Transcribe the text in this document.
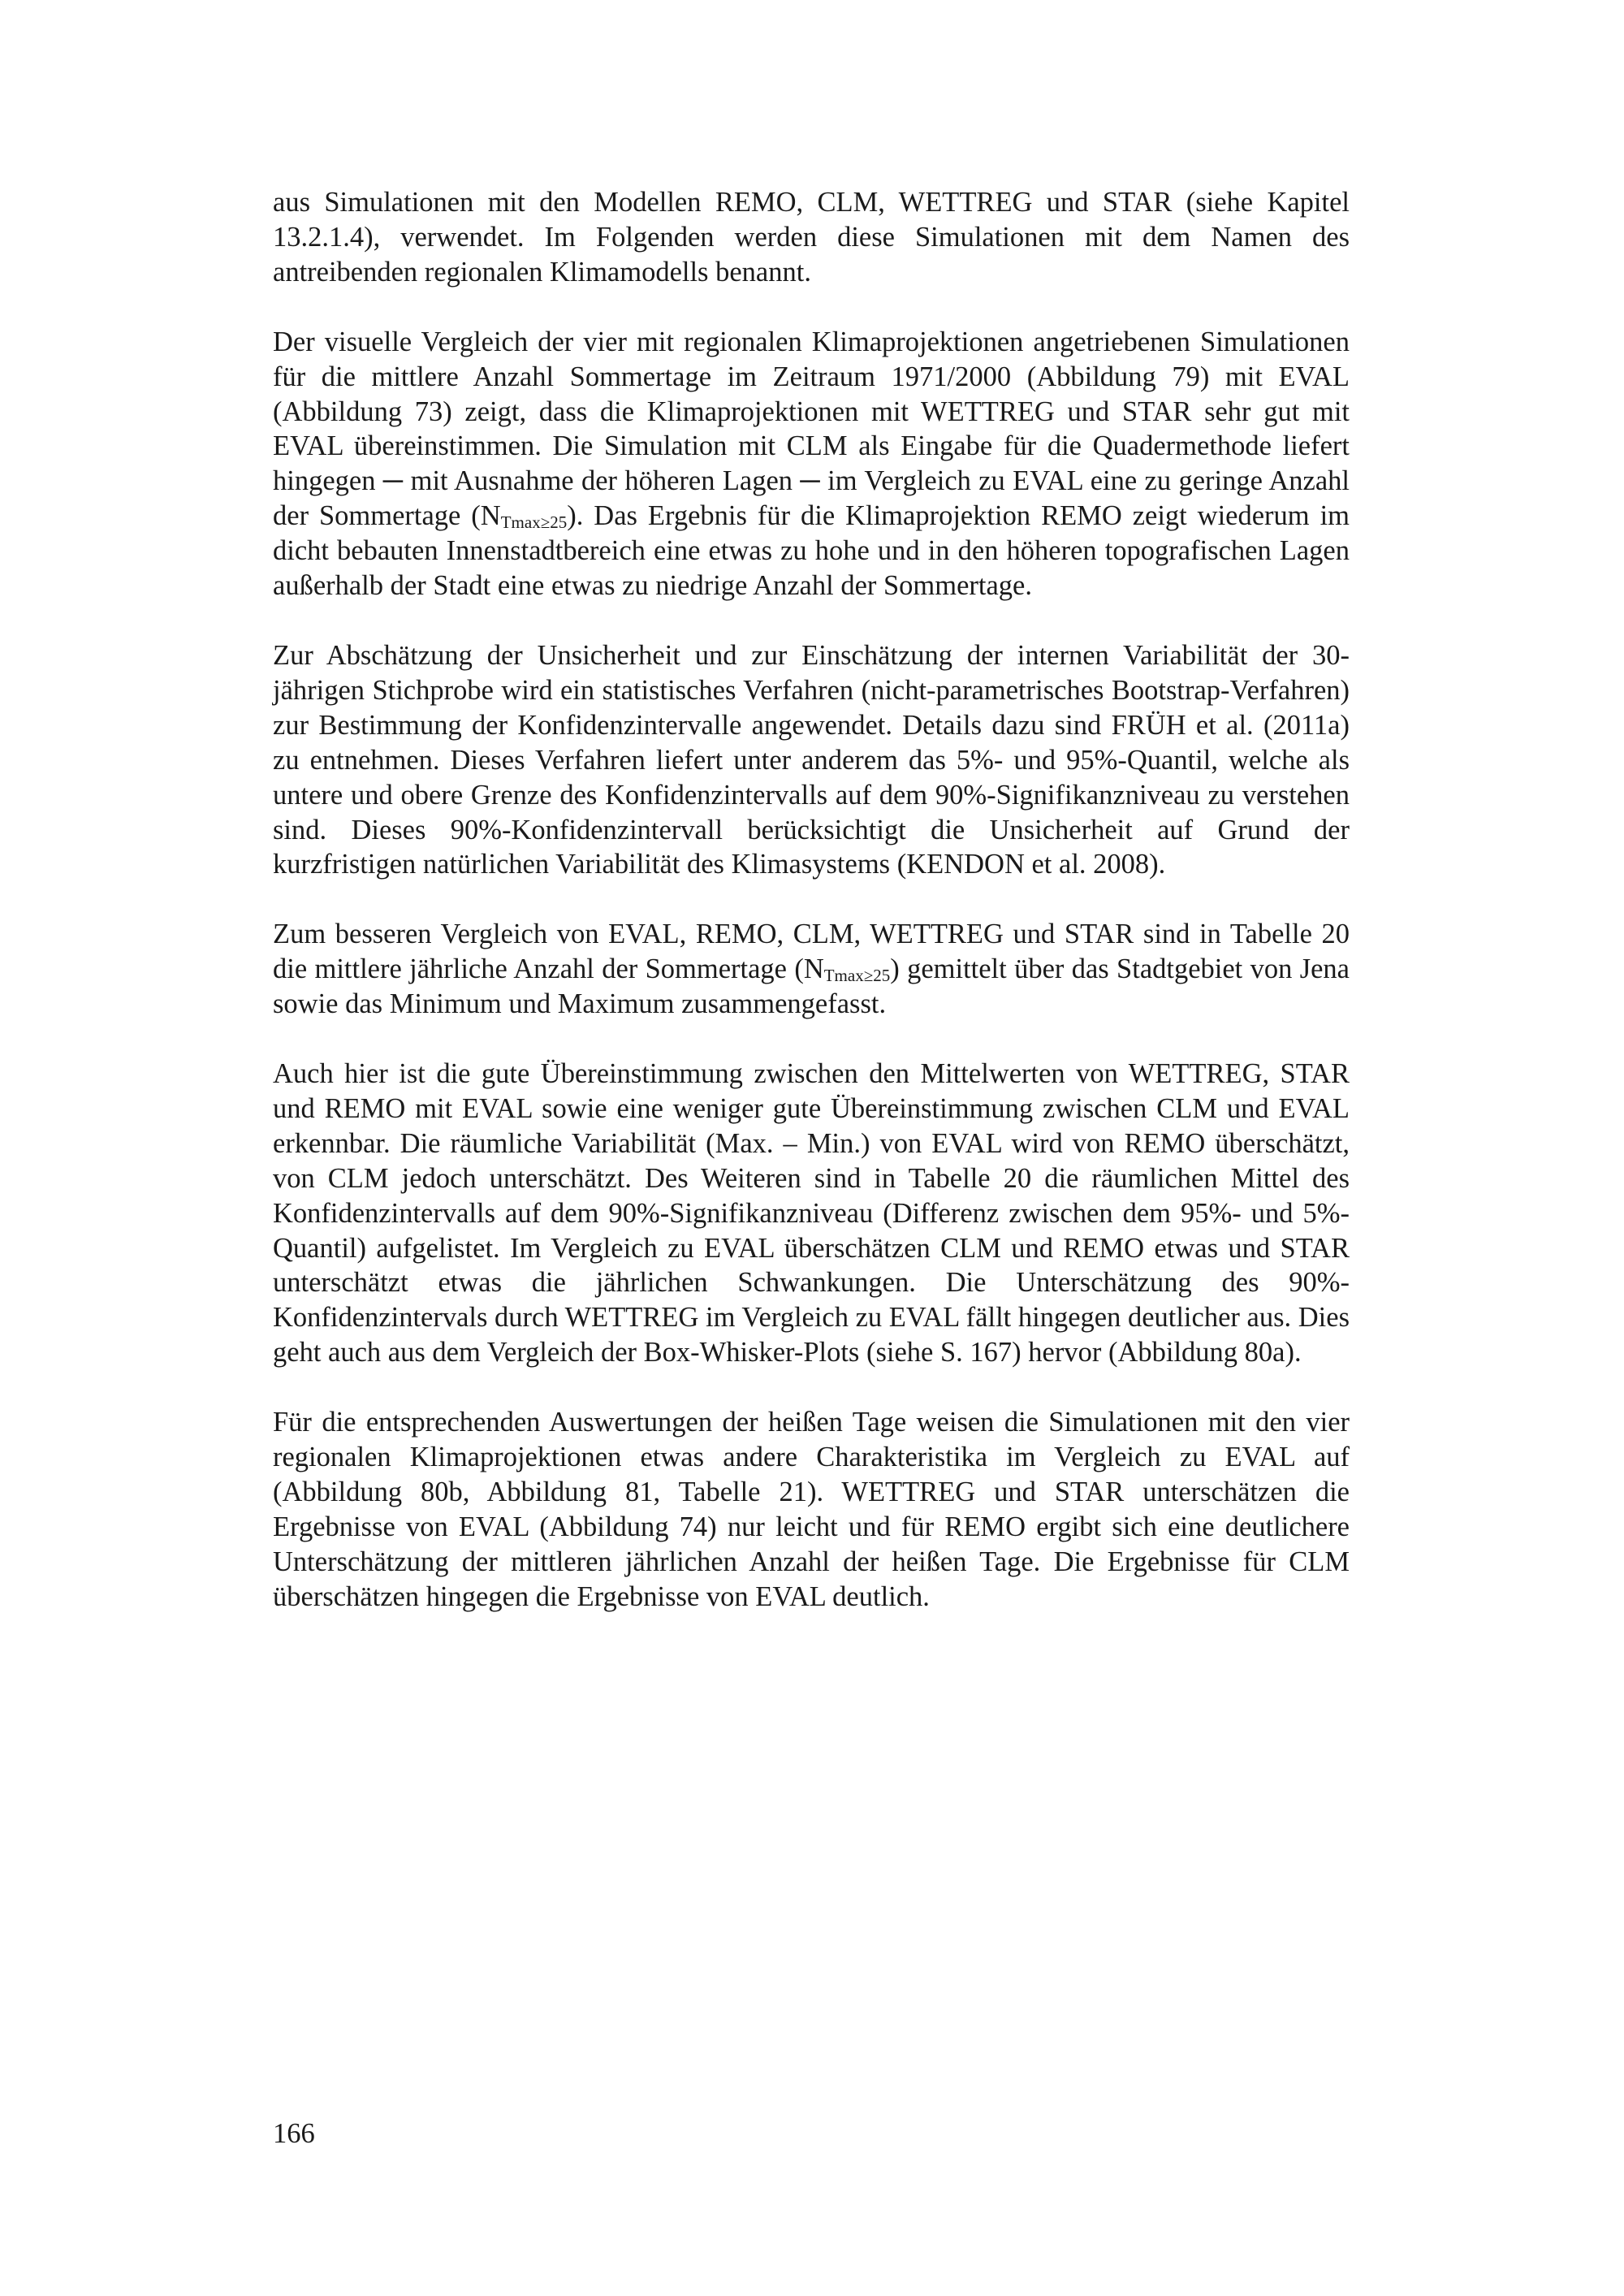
aus Simulationen mit den Modellen REMO, CLM, WETTREG und STAR (siehe Kapitel 13.2.1.4), verwendet. Im Folgenden werden diese Simulationen mit dem Namen des antreibenden regionalen Klimamodells benannt.

Der visuelle Vergleich der vier mit regionalen Klimaprojektionen angetriebenen Simulationen für die mittlere Anzahl Sommertage im Zeitraum 1971/2000 (Abbildung 79) mit EVAL (Abbildung 73) zeigt, dass die Klimaprojektionen mit WETTREG und STAR sehr gut mit EVAL übereinstimmen. Die Simulation mit CLM als Eingabe für die Quadermethode liefert hingegen ─ mit Ausnahme der höheren Lagen ─ im Vergleich zu EVAL eine zu geringe Anzahl der Sommertage (NTmax≥25). Das Ergebnis für die Klimaprojektion REMO zeigt wiederum im dicht bebauten Innenstadtbereich eine etwas zu hohe und in den höheren topografischen Lagen außerhalb der Stadt eine etwas zu niedrige Anzahl der Sommertage.

Zur Abschätzung der Unsicherheit und zur Einschätzung der internen Variabilität der 30-jährigen Stichprobe wird ein statistisches Verfahren (nicht-parametrisches Bootstrap-Verfahren) zur Bestimmung der Konfidenzintervalle angewendet. Details dazu sind FRÜH et al. (2011a) zu entnehmen. Dieses Verfahren liefert unter anderem das 5%- und 95%-Quantil, welche als untere und obere Grenze des Konfidenzintervalls auf dem 90%-Signifikanzniveau zu verstehen sind. Dieses 90%-Konfidenzintervall berücksichtigt die Unsicherheit auf Grund der kurzfristigen natürlichen Variabilität des Klimasystems (KENDON et al. 2008).

Zum besseren Vergleich von EVAL, REMO, CLM, WETTREG und STAR sind in Tabelle 20 die mittlere jährliche Anzahl der Sommertage (NTmax≥25) gemittelt über das Stadtgebiet von Jena sowie das Minimum und Maximum zusammengefasst.

Auch hier ist die gute Übereinstimmung zwischen den Mittelwerten von WETTREG, STAR und REMO mit EVAL sowie eine weniger gute Übereinstimmung zwischen CLM und EVAL erkennbar. Die räumliche Variabilität (Max. – Min.) von EVAL wird von REMO überschätzt, von CLM jedoch unterschätzt. Des Weiteren sind in Tabelle 20 die räumlichen Mittel des Konfidenzintervalls auf dem 90%-Signifikanzniveau (Differenz zwischen dem 95%- und 5%-Quantil) aufgelistet. Im Vergleich zu EVAL überschätzen CLM und REMO etwas und STAR unterschätzt etwas die jährlichen Schwankungen. Die Unterschätzung des 90%-Konfidenzintervals durch WETTREG im Vergleich zu EVAL fällt hingegen deutlicher aus. Dies geht auch aus dem Vergleich der Box-Whisker-Plots (siehe S. 167) hervor (Abbildung 80a).

Für die entsprechenden Auswertungen der heißen Tage weisen die Simulationen mit den vier regionalen Klimaprojektionen etwas andere Charakteristika im Vergleich zu EVAL auf (Abbildung 80b, Abbildung 81, Tabelle 21). WETTREG und STAR unterschätzen die Ergebnisse von EVAL (Abbildung 74) nur leicht und für REMO ergibt sich eine deutlichere Unterschätzung der mittleren jährlichen Anzahl der heißen Tage. Die Ergebnisse für CLM überschätzen hingegen die Ergebnisse von EVAL deutlich.

166
